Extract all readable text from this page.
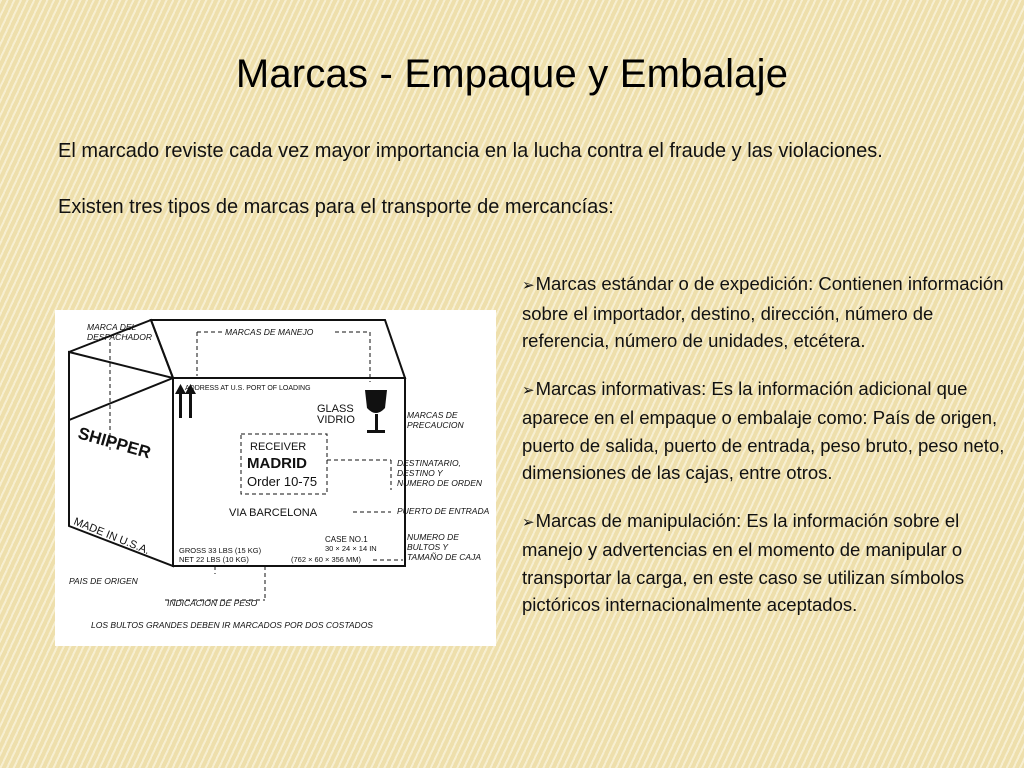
Marcas - Empaque y Embalaje

El marcado reviste cada vez mayor importancia en la lucha contra el fraude y las violaciones.

Existen tres tipos de marcas para el transporte de mercancías:

MARCA DEL
DESPACHADOR	MARCAS DE MANEJO
ADDRESS AT U.S. PORT OF LOADING
GLASS
VIDRIO	MARCAS DE
PRECAUCION
SHIPPER	RECEIVER
MADRID
Order 10-75
DESTINATARIO,
DESTINO Y
NUMERO DE ORDEN
VIA BARCELONA	PUERTO DE ENTRADA
MADE IN U.S.A.	CASE NO.1
30 × 24 × 14 IN
(762 × 60 × 356 MM)
GROSS 33 LBS (15 KG)
NET 22 LBS (10 KG)
NUMERO DE
BULTOS Y
TAMAÑO DE CAJA
PAIS DE ORIGEN
INDICACION DE PESO
LOS BULTOS GRANDES DEBEN IR MARCADOS POR DOS COSTADOS
➢Marcas estándar o de expedición: Contienen información sobre el importador, destino, dirección, número de referencia, número de unidades, etcétera.
➢Marcas informativas: Es la información adicional que aparece en el empaque o embalaje como: País de origen, puerto de salida, puerto de entrada, peso bruto, peso neto, dimensiones de las cajas, entre otros.
➢Marcas de manipulación: Es la información sobre el manejo y advertencias en el momento de manipular o transportar la carga, en este caso se utilizan símbolos pictóricos internacionalmente aceptados.
